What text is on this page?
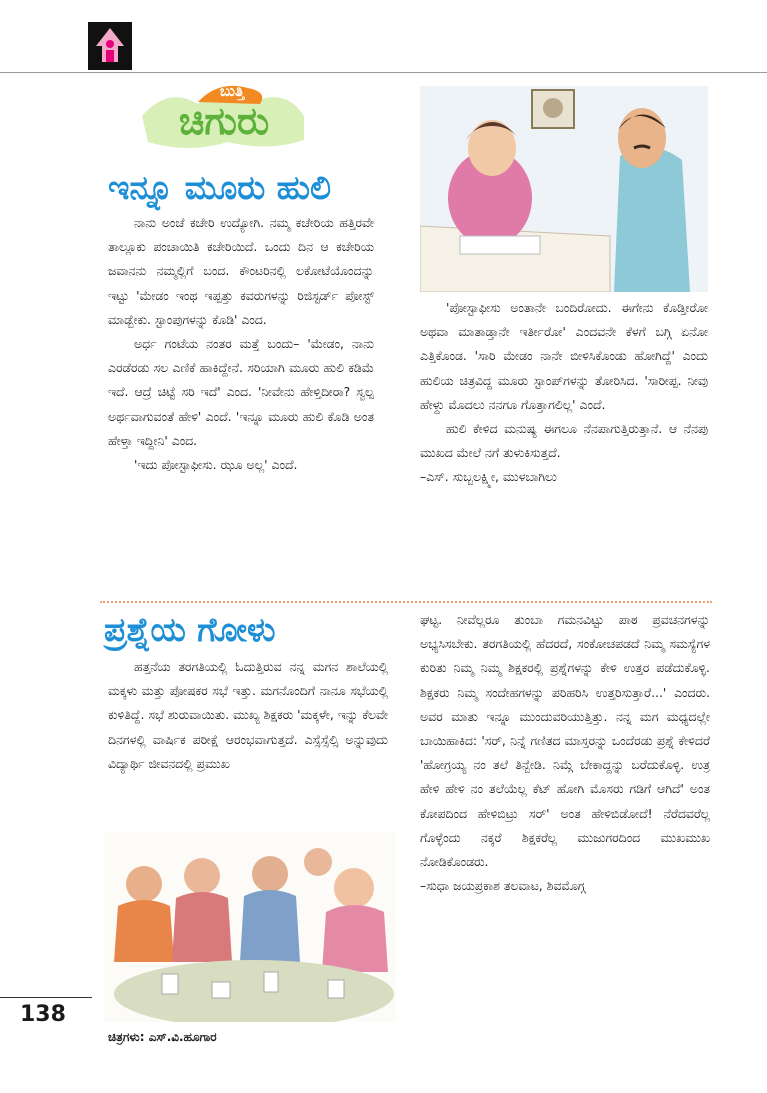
ಬುತ್ತಿ
ಚಿಗುರು
ಇನ್ನೂ ಮೂರು ಹುಲಿ

ನಾನು ಅಂಚೆ ಕಚೇರಿ ಉದ್ಯೋಗಿ. ನಮ್ಮ ಕಚೇರಿಯ ಹತ್ತಿರವೇ ತಾಲ್ಲೂಕು ಪಂಚಾಯಿತಿ ಕಚೇರಿಯಿದೆ. ಒಂದು ದಿನ ಆ ಕಚೇರಿಯ ಜವಾನನು ನಮ್ಮಲ್ಲಿಗೆ ಬಂದ. ಕೌಂಟರಿನಲ್ಲಿ ಲಕೋಟೆಯೊಂದನ್ನು ಇಟ್ಟು 'ಮೇಡಂ ಇಂಥ ಇಪ್ಪತ್ತು ಕವರುಗಳನ್ನು ರಿಜಿಸ್ಟರ್ಡ್ ಪೋಸ್ಟ್ ಮಾಡ್ಬೇಕು. ಸ್ಟಾಂಪುಗಳನ್ನು ಕೊಡಿ' ಎಂದ.

ಅರ್ಧ ಗಂಟೆಯ ನಂತರ ಮತ್ತೆ ಬಂದು– 'ಮೇಡಂ, ನಾನು ಎರಡೆರಡು ಸಲ ಎಣಿಕೆ ಹಾಕಿದ್ದೇನೆ. ಸರಿಯಾಗಿ ಮೂರು ಹುಲಿ ಕಡಿಮೆ ಇದೆ. ಆದ್ರೆ ಚಿಟ್ಟೆ ಸರಿ ಇದೆ' ಎಂದ. 'ನೀವೇನು ಹೇಳ್ತಿದೀರಾ? ಸ್ವಲ್ಪ ಅರ್ಥವಾಗುವಂತೆ ಹೇಳಿ' ಎಂದೆ. 'ಇನ್ನೂ ಮೂರು ಹುಲಿ ಕೊಡಿ ಅಂತ ಹೇಳ್ತಾ ಇದ್ದೀನಿ' ಎಂದ.

'ಇದು ಪೋಸ್ಟಾಫೀಸು. ಝೂ ಅಲ್ಲ' ಎಂದೆ.

'ಪೋಸ್ಟಾಫೀಸು ಅಂತಾನೇ ಬಂದಿರೋದು. ಈಗೇನು ಕೊಡ್ತೀರೋ ಅಥವಾ ಮಾತಾಡ್ತಾನೇ ಇರ್ತೀರೋ' ಎಂದವನೇ ಕೆಳಗೆ ಬಗ್ಗಿ ಏನೋ ಎತ್ತಿಕೊಂಡ. 'ಸಾರಿ ಮೇಡಂ ನಾನೇ ಬೀಳಿಸಿಕೊಂಡು ಹೋಗಿದ್ದೆ' ಎಂದು ಹುಲಿಯ ಚಿತ್ರವಿದ್ದ ಮೂರು ಸ್ಟಾಂಪ್‌ಗಳನ್ನು ತೋರಿಸಿದ. 'ಸಾರೀಪ್ಪ. ನೀವು ಹೇಳ್ದು ಮೊದಲು ನನಗೂ ಗೊತ್ತಾಗಲಿಲ್ಲ' ಎಂದೆ.

ಹುಲಿ ಕೇಳಿದ ಮನುಷ್ಯ ಈಗಲೂ ನೆನಪಾಗುತ್ತಿರುತ್ತಾನೆ. ಆ ನೆನಪು ಮುಖದ ಮೇಲೆ ನಗೆ ತುಳುಕಿಸುತ್ತದೆ.

–ಎಸ್. ಸುಬ್ಬಲಕ್ಷ್ಮೀ, ಮುಳಬಾಗಿಲು

ಪ್ರಶ್ನೆಯ ಗೋಳು

ಹತ್ತನೆಯ ತರಗತಿಯಲ್ಲಿ ಓದುತ್ತಿರುವ ನನ್ನ ಮಗನ ಶಾಲೆಯಲ್ಲಿ ಮಕ್ಕಳು ಮತ್ತು ಪೋಷಕರ ಸಭೆ ಇತ್ತು. ಮಗನೊಂದಿಗೆ ನಾನೂ ಸಭೆಯಲ್ಲಿ ಕುಳಿತಿದ್ದೆ. ಸಭೆ ಶುರುವಾಯಿತು. ಮುಖ್ಯ ಶಿಕ್ಷಕರು 'ಮಕ್ಕಳೇ, ಇನ್ನು ಕೆಲವೇ ದಿನಗಳಲ್ಲಿ ವಾರ್ಷಿಕ ಪರೀಕ್ಷೆ ಆರಂಭವಾಗುತ್ತದೆ. ಎಸ್ಸೆಸ್ಸೆಲ್ಸಿ ಅನ್ನುವುದು ವಿದ್ಯಾರ್ಥಿ ಜೀವನದಲ್ಲಿ ಪ್ರಮುಖ

ಘಟ್ಟ. ನೀವೆಲ್ಲರೂ ತುಂಬಾ ಗಮನವಿಟ್ಟು ಪಾಠ ಪ್ರವಚನಗಳನ್ನು ಅಭ್ಯಸಿಸಬೇಕು. ತರಗತಿಯಲ್ಲಿ ಹೆದರದೆ, ಸಂಕೋಚಪಡದೆ ನಿಮ್ಮ ಸಮಸ್ಯೆಗಳ ಕುರಿತು ನಿಮ್ಮ ನಿಮ್ಮ ಶಿಕ್ಷಕರಲ್ಲಿ ಪ್ರಶ್ನೆಗಳನ್ನು ಕೇಳಿ ಉತ್ತರ ಪಡೆದುಕೊಳ್ಳಿ. ಶಿಕ್ಷಕರು ನಿಮ್ಮ ಸಂದೇಹಗಳನ್ನು ಪರಿಹರಿಸಿ ಉತ್ತರಿಸುತ್ತಾರೆ...' ಎಂದರು. ಅವರ ಮಾತು ಇನ್ನೂ ಮುಂದುವರಿಯುತ್ತಿತ್ತು. ನನ್ನ ಮಗ ಮಧ್ಯದಲ್ಲೇ ಬಾಯಿಹಾಕಿದ: 'ಸರ್, ನಿನ್ನೆ ಗಣಿತದ ಮಾಸ್ತರನ್ನು ಒಂದೆರಡು ಪ್ರಶ್ನೆ ಕೇಳಿದರೆ 'ಹೋಗ್ರಯ್ಯ ನಂ ತಲೆ ತಿನ್ಬೇಡಿ. ನಿಮ್ಗೆ ಬೇಕಾದ್ದನ್ನು ಬರೆದುಕೊಳ್ಳಿ. ಉತ್ರ ಹೇಳಿ ಹೇಳಿ ನಂ ತಲೆಯೆಲ್ಲ ಕೆಟ್ ಹೋಗಿ ಮೊಸರು ಗಡಿಗೆ ಆಗಿದೆ' ಅಂತ ಕೋಪದಿಂದ ಹೇಳಿಬಿಟ್ರು ಸರ್' ಅಂತ ಹೇಳಿಬಿಡೋದೆ! ನೆರೆದವರೆಲ್ಲ ಗೊಳ್ಳೆಂದು ನಕ್ಕರೆ ಶಿಕ್ಷಕರೆಲ್ಲ ಮುಜುಗರದಿಂದ ಮುಖಮುಖ ನೋಡಿಕೊಂಡರು.

–ಸುಧಾ ಜಯಪ್ರಕಾಶ ತಲವಾಟ, ಶಿವಮೊಗ್ಗ

138
ಚಿತ್ರಗಳು: ಎಸ್.ವಿ.ಹೂಗಾರ
